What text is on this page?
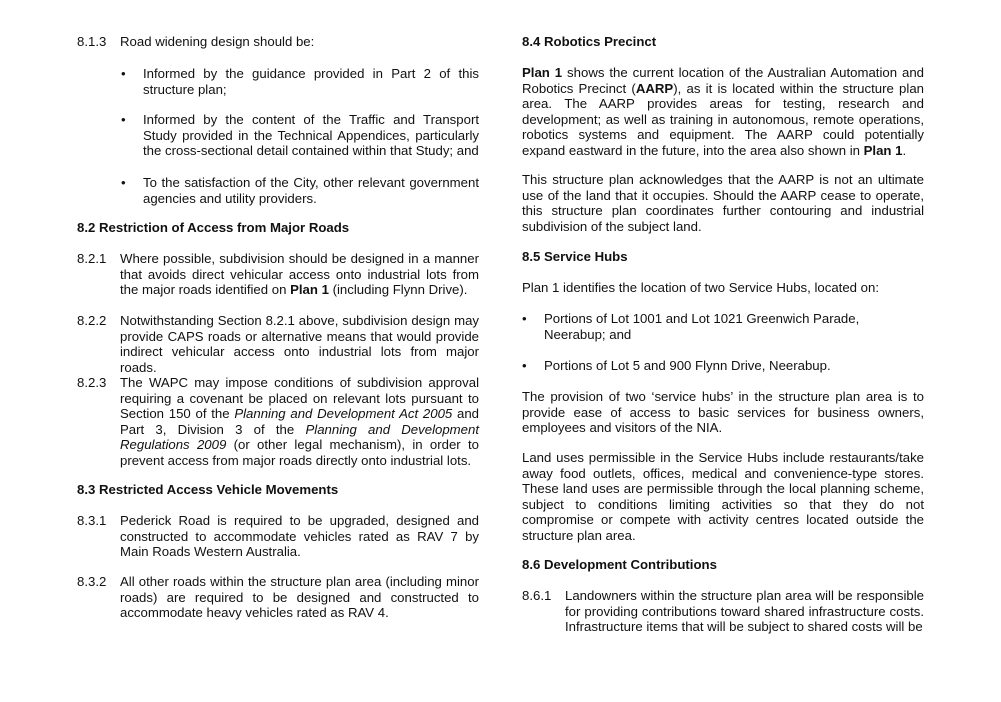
8.1.3 Road widening design should be:
• Informed by the guidance provided in Part 2 of this structure plan;
• Informed by the content of the Traffic and Transport Study provided in the Technical Appendices, particularly the cross-sectional detail contained within that Study; and
• To the satisfaction of the City, other relevant government agencies and utility providers.
8.2 Restriction of Access from Major Roads
8.2.1 Where possible, subdivision should be designed in a manner that avoids direct vehicular access onto industrial lots from the major roads identified on Plan 1 (including Flynn Drive).
8.2.2 Notwithstanding Section 8.2.1 above, subdivision design may provide CAPS roads or alternative means that would provide indirect vehicular access onto industrial lots from major roads.
8.2.3 The WAPC may impose conditions of subdivision approval requiring a covenant be placed on relevant lots pursuant to Section 150 of the Planning and Development Act 2005 and Part 3, Division 3 of the Planning and Development Regulations 2009 (or other legal mechanism), in order to prevent access from major roads directly onto industrial lots.
8.3 Restricted Access Vehicle Movements
8.3.1 Pederick Road is required to be upgraded, designed and constructed to accommodate vehicles rated as RAV 7 by Main Roads Western Australia.
8.3.2 All other roads within the structure plan area (including minor roads) are required to be designed and constructed to accommodate heavy vehicles rated as RAV 4.
8.4 Robotics Precinct

Plan 1 shows the current location of the Australian Automation and Robotics Precinct (AARP), as it is located within the structure plan area. The AARP provides areas for testing, research and development; as well as training in autonomous, remote operations, robotics systems and equipment. The AARP could potentially expand eastward in the future, into the area also shown in Plan 1.

This structure plan acknowledges that the AARP is not an ultimate use of the land that it occupies. Should the AARP cease to operate, this structure plan coordinates further contouring and industrial subdivision of the subject land.

8.5 Service Hubs

Plan 1 identifies the location of two Service Hubs, located on:

• Portions of Lot 1001 and Lot 1021 Greenwich Parade, Neerabup; and
• Portions of Lot 5 and 900 Flynn Drive, Neerabup.

The provision of two ‘service hubs’ in the structure plan area is to provide ease of access to basic services for business owners, employees and visitors of the NIA.

Land uses permissible in the Service Hubs include restaurants/take away food outlets, offices, medical and convenience-type stores. These land uses are permissible through the local planning scheme, subject to conditions limiting activities so that they do not compromise or compete with activity centres located outside the structure plan area.

8.6 Development Contributions
8.6.1 Landowners within the structure plan area will be responsible for providing contributions toward shared infrastructure costs. Infrastructure items that will be subject to shared costs will be
